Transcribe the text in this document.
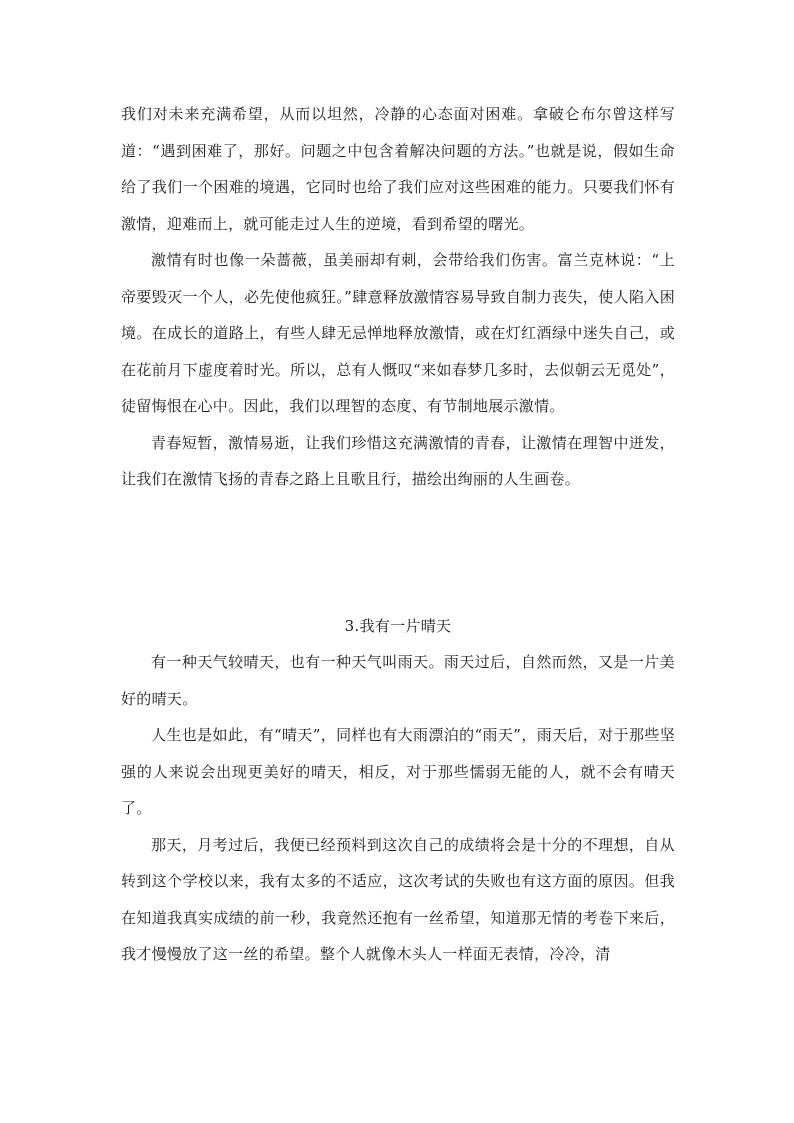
我们对未来充满希望，从而以坦然，冷静的心态面对困难。拿破仑布尔曾这样写道：“遇到困难了，那好。问题之中包含着解决问题的方法。”也就是说，假如生命给了我们一个困难的境遇，它同时也给了我们应对这些困难的能力。只要我们怀有激情，迎难而上，就可能走过人生的逆境，看到希望的曙光。

激情有时也像一朵蔷薇，虽美丽却有刺，会带给我们伤害。富兰克林说：“上帝要毁灭一个人，必先使他疯狂。”肆意释放激情容易导致自制力丧失，使人陷入困境。在成长的道路上，有些人肆无忌惮地释放激情，或在灯红酒绿中迷失自己，或在花前月下虚度着时光。所以，总有人慨叹“来如春梦几多时，去似朝云无觅处”，徒留悔恨在心中。因此，我们以理智的态度、有节制地展示激情。

青春短暂，激情易逝，让我们珍惜这充满激情的青春，让激情在理智中迸发，让我们在激情飞扬的青春之路上且歌且行，描绘出绚丽的人生画卷。

3.我有一片晴天

有一种天气较晴天，也有一种天气叫雨天。雨天过后，自然而然，又是一片美好的晴天。

人生也是如此，有“晴天”，同样也有大雨漂泊的“雨天”，雨天后，对于那些坚强的人来说会出现更美好的晴天，相反，对于那些懦弱无能的人，就不会有晴天了。

那天，月考过后，我便已经预料到这次自己的成绩将会是十分的不理想，自从转到这个学校以来，我有太多的不适应，这次考试的失败也有这方面的原因。但我在知道我真实成绩的前一秒，我竟然还抱有一丝希望，知道那无情的考卷下来后，我才慢慢放了这一丝的希望。整个人就像木头人一样面无表情，冷冷，清
